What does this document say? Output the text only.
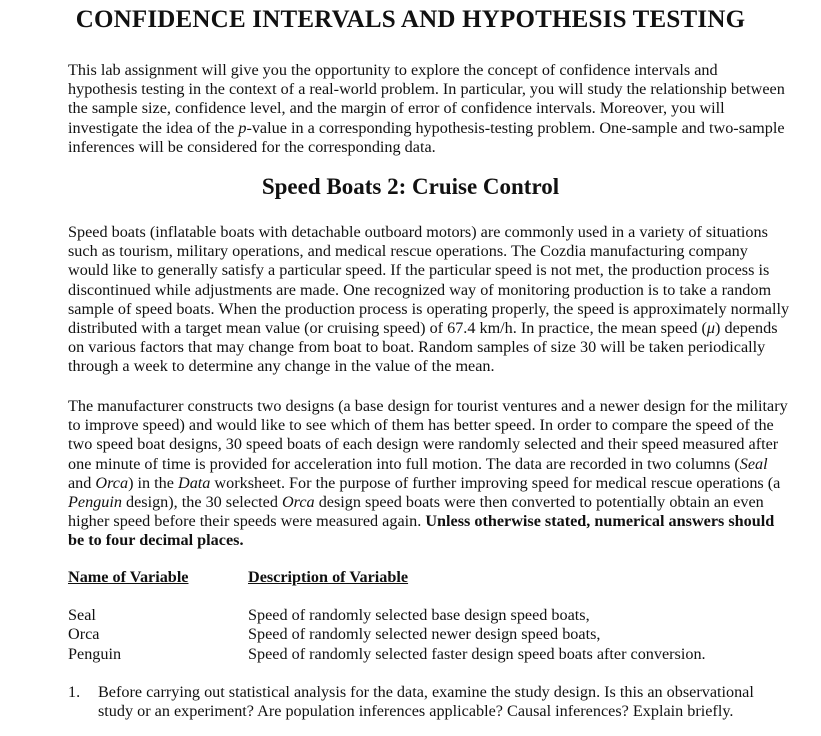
CONFIDENCE INTERVALS AND HYPOTHESIS TESTING

This lab assignment will give you the opportunity to explore the concept of confidence intervals and hypothesis testing in the context of a real-world problem. In particular, you will study the relationship between the sample size, confidence level, and the margin of error of confidence intervals. Moreover, you will investigate the idea of the p-value in a corresponding hypothesis-testing problem. One-sample and two-sample inferences will be considered for the corresponding data.

Speed Boats 2: Cruise Control

Speed boats (inflatable boats with detachable outboard motors) are commonly used in a variety of situations such as tourism, military operations, and medical rescue operations. The Cozdia manufacturing company would like to generally satisfy a particular speed. If the particular speed is not met, the production process is discontinued while adjustments are made. One recognized way of monitoring production is to take a random sample of speed boats. When the production process is operating properly, the speed is approximately normally distributed with a target mean value (or cruising speed) of 67.4 km/h. In practice, the mean speed (μ) depends on various factors that may change from boat to boat. Random samples of size 30 will be taken periodically through a week to determine any change in the value of the mean.

The manufacturer constructs two designs (a base design for tourist ventures and a newer design for the military to improve speed) and would like to see which of them has better speed. In order to compare the speed of the two speed boat designs, 30 speed boats of each design were randomly selected and their speed measured after one minute of time is provided for acceleration into full motion. The data are recorded in two columns (Seal and Orca) in the Data worksheet. For the purpose of further improving speed for medical rescue operations (a Penguin design), the 30 selected Orca design speed boats were then converted to potentially obtain an even higher speed before their speeds were measured again. Unless otherwise stated, numerical answers should be to four decimal places.

Name of Variable	Description of Variable
Seal	Speed of randomly selected base design speed boats,
Orca	Speed of randomly selected newer design speed boats,
Penguin	Speed of randomly selected faster design speed boats after conversion.
1.	Before carrying out statistical analysis for the data, examine the study design. Is this an observational study or an experiment? Are population inferences applicable? Causal inferences? Explain briefly.
